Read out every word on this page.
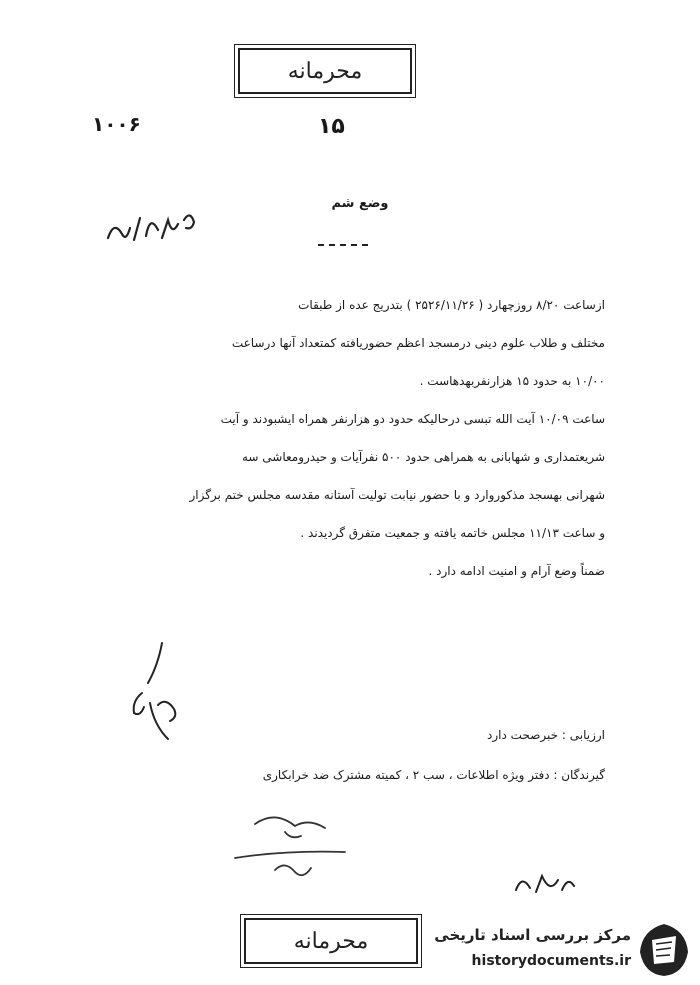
محرمانه
۱۰۰۶	۱۵
وضع شم
ازساعت ۸/۲۰ روزچهارد ( ۲۵۲۶/۱۱/۲۶ ) بتدریج عده از طبقات
مختلف و طلاب علوم دینی درمسجد اعظم حضوریافته کمتعداد آنها درساعت
۱۰/۰۰ به حدود ۱۵ هزارنفربهدهاست .
ساعت ۱۰/۰۹ آیت الله تبسی درحالیکه حدود دو هزارنفر همراه ایشبودند و آیت
شریعتمداری و شهابانی به همراهی حدود ۵۰۰ نفرآیات و حیدرومعاشی سه
شهرانی بهسجد مذکوروارد و با حضور نیابت تولیت آستانه مقدسه مجلس ختم برگزار
و ساعت ۱۱/۱۳ مجلس خاتمه یافته و جمعیت متفرق گردیدند .
ضمناً وضع آرام و امنیت ادامه دارد .
ارزیابی : خبرصحت دارد
گیرندگان : دفتر ویژه اطلاعات ، سب ۲ ، کمیته مشترک ضد خرابکاری
محرمانه	مرکز بررسی اسناد تاریخی
historydocuments.ir
